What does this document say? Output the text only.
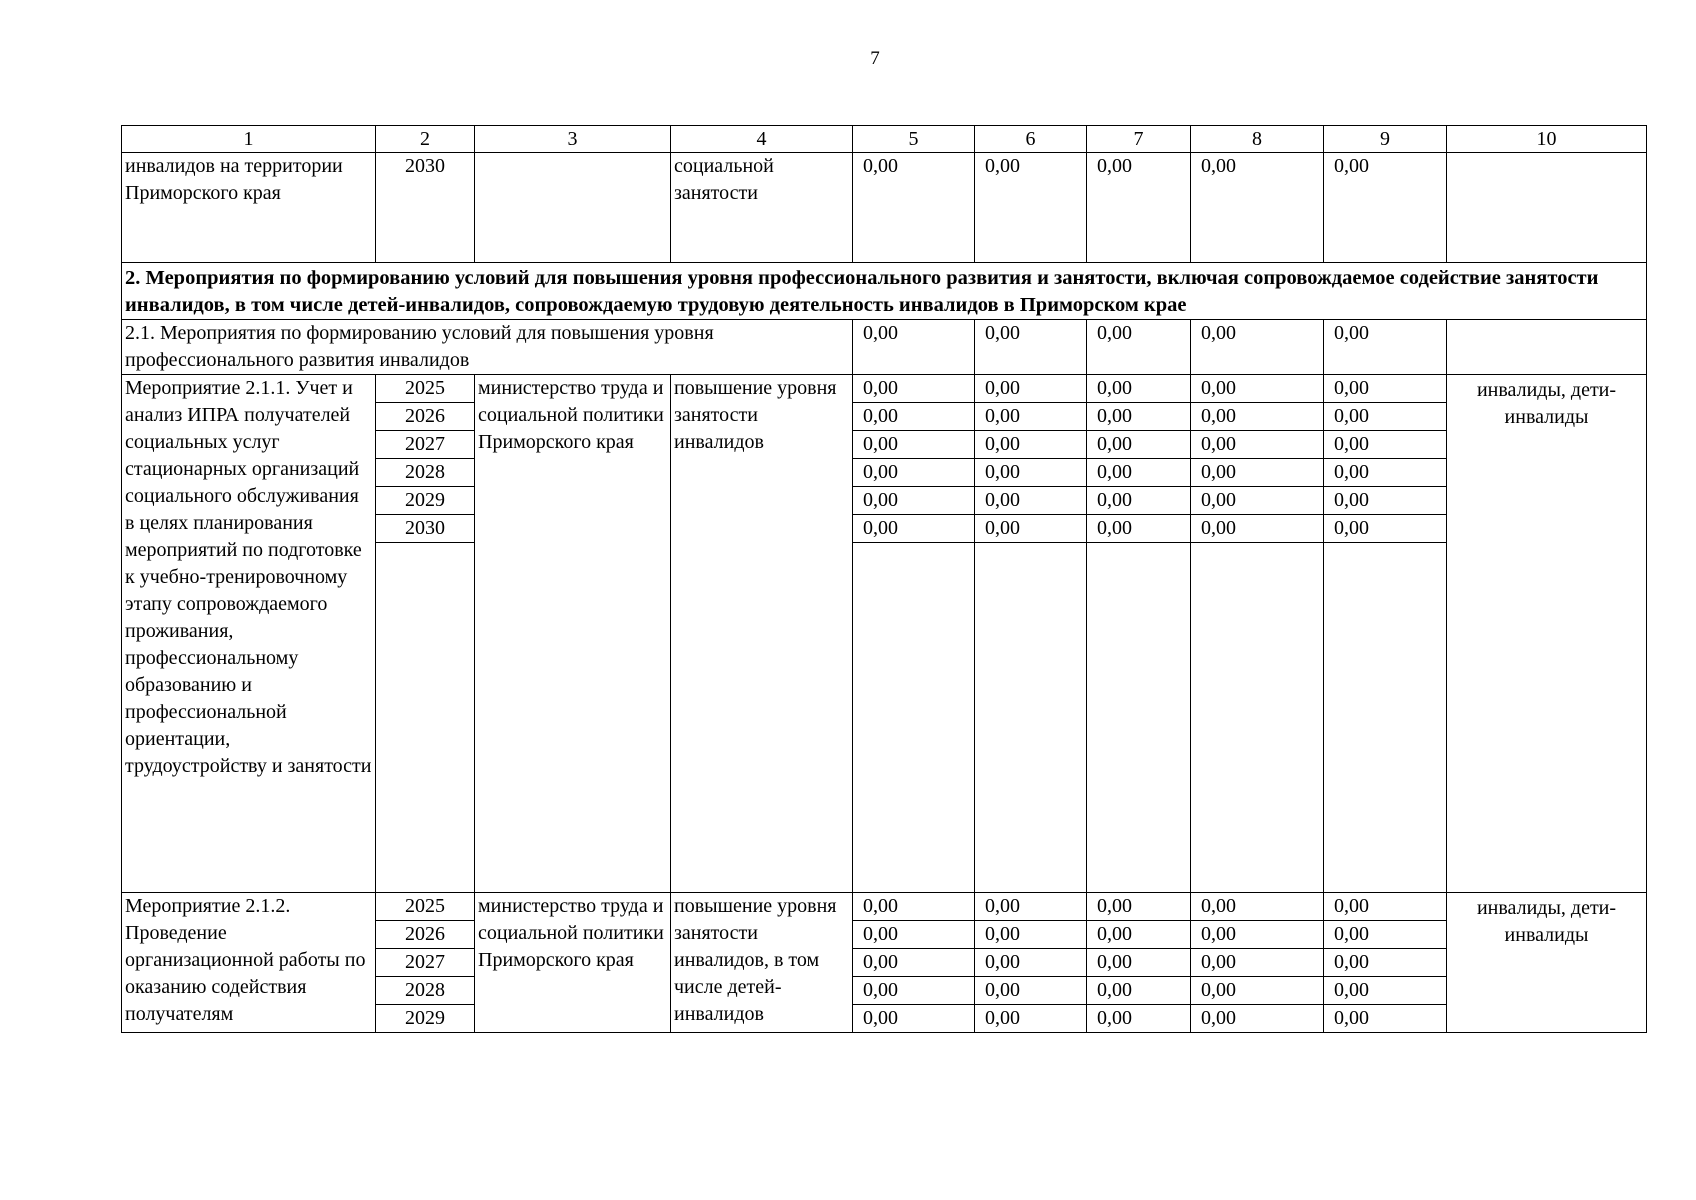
7
1	2	3	4	5	6	7	8	9	10
инвалидов на территории Приморского края	2030		социальной занятости	0,00	0,00	0,00	0,00	0,00	
2. Мероприятия по формированию условий для повышения уровня профессионального развития и занятости, включая сопровождаемое содействие занятости инвалидов, в том числе детей-инвалидов, сопровождаемую трудовую деятельность инвалидов в Приморском крае									
2.1. Мероприятия по формированию условий для повышения уровня профессионального развития инвалидов				0,00	0,00	0,00	0,00	0,00	
Мероприятие 2.1.1. Учет и анализ ИПРА получателей социальных услуг стационарных организаций социального обслуживания в целях планирования мероприятий по подготовке к учебно-тренировочному этапу сопровождаемого проживания, профессиональному образованию и профессиональной ориентации, трудоустройству и занятости	2025	министерство труда и социальной политики Приморского края	повышение уровня занятости инвалидов	0,00	0,00	0,00	0,00	0,00	инвалиды, дети-инвалиды
	2026			0,00	0,00	0,00	0,00	0,00	
	2027			0,00	0,00	0,00	0,00	0,00	
	2028			0,00	0,00	0,00	0,00	0,00	
	2029			0,00	0,00	0,00	0,00	0,00	
	2030			0,00	0,00	0,00	0,00	0,00	

Мероприятие 2.1.2. Проведение организационной работы по оказанию содействия получателям	2025	министерство труда и социальной политики Приморского края	повышение уровня занятости инвалидов, в том числе детей-инвалидов	0,00	0,00	0,00	0,00	0,00	инвалиды, дети-инвалиды
	2026			0,00	0,00	0,00	0,00	0,00	
	2027			0,00	0,00	0,00	0,00	0,00	
	2028			0,00	0,00	0,00	0,00	0,00	
	2029			0,00	0,00	0,00	0,00	0,00	
